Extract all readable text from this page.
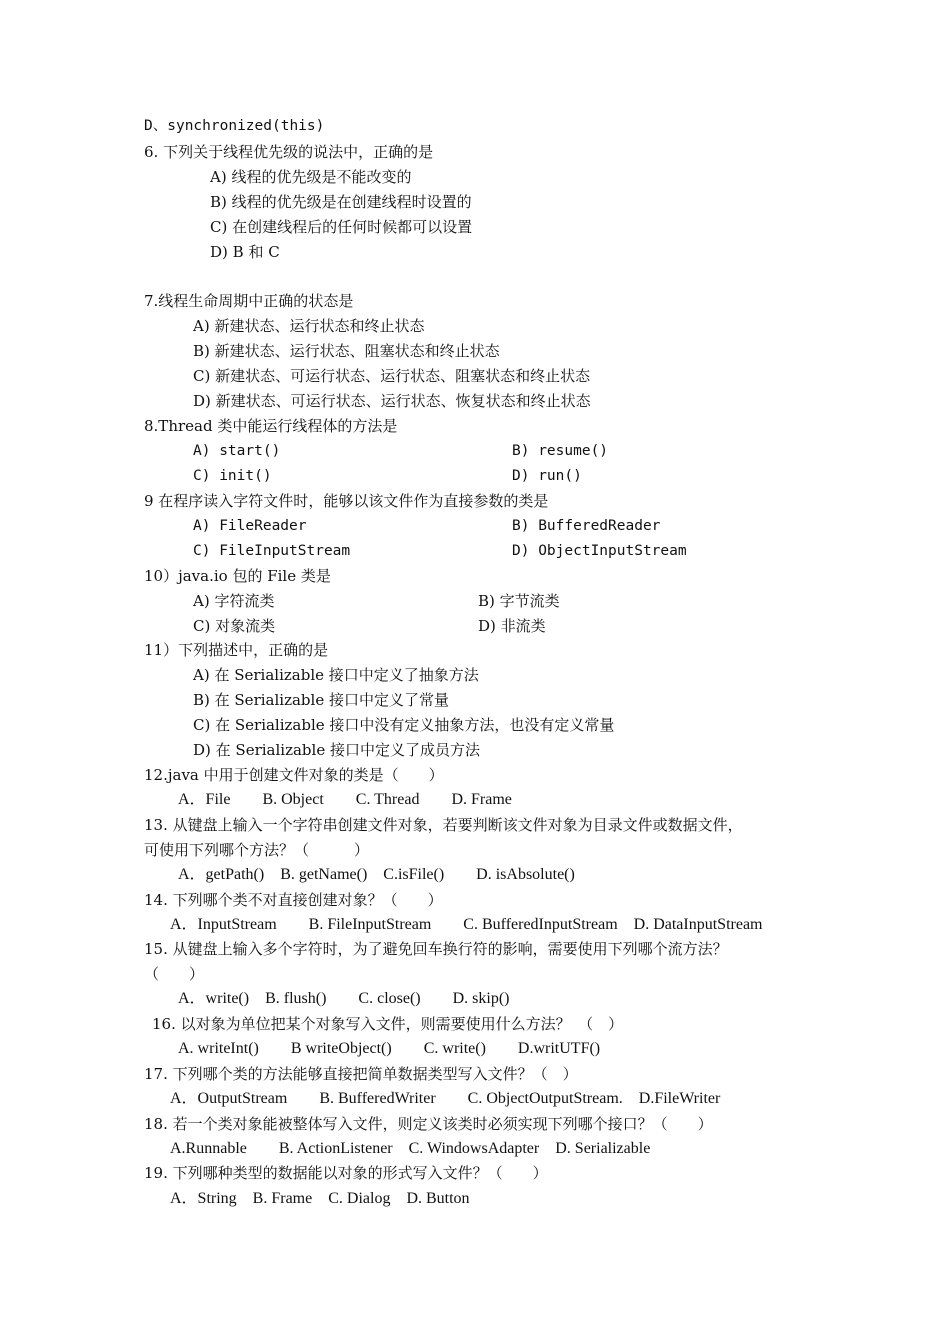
D、synchronized(this)
6. 下列关于线程优先级的说法中，正确的是
A) 线程的优先级是不能改变的
B) 线程的优先级是在创建线程时设置的
C) 在创建线程后的任何时候都可以设置
D) B 和 C
7.线程生命周期中正确的状态是
A) 新建状态、运行状态和终止状态
B) 新建状态、运行状态、阻塞状态和终止状态
C) 新建状态、可运行状态、运行状态、阻塞状态和终止状态
D) 新建状态、可运行状态、运行状态、恢复状态和终止状态
8.Thread 类中能运行线程体的方法是
A) start()	B) resume()
C) init()	D) run()
9 在程序读入字符文件时，能够以该文件作为直接参数的类是
A) FileReader	B) BufferedReader
C) FileInputStream	D) ObjectInputStream
10）java.io 包的 File 类是
A) 字符流类	B) 字节流类
C) 对象流类	D) 非流类
11）下列描述中，正确的是
A) 在 Serializable 接口中定义了抽象方法
B) 在 Serializable 接口中定义了常量
C) 在 Serializable 接口中没有定义抽象方法，也没有定义常量
D) 在 Serializable 接口中定义了成员方法
12.java 中用于创建文件对象的类是（　　）
A．File　　B. Object　　C. Thread　　D. Frame
13. 从键盘上输入一个字符串创建文件对象，若要判断该文件对象为目录文件或数据文件，
可使用下列哪个方法？（　　　）
A．getPath()　B. getName()　C.isFile()　　D. isAbsolute()
14. 下列哪个类不对直接创建对象？（　　）
A．InputStream　　B. FileInputStream　　C. BufferedInputStream　D. DataInputStream
15. 从键盘上输入多个字符时，为了避免回车换行符的影响，需要使用下列哪个流方法？
（　　）
A．write()　B. flush()　　C. close()　　D. skip()
16. 以对象为单位把某个对象写入文件，则需要使用什么方法？　（　）
A. writeInt()　　B writeObject()　　C. write()　　D.writUTF()
17. 下列哪个类的方法能够直接把简单数据类型写入文件？（　）
A．OutputStream　　B. BufferedWriter　　C. ObjectOutputStream.　D.FileWriter
18. 若一个类对象能被整体写入文件，则定义该类时必须实现下列哪个接口？（　　）
A.Runnable　　B. ActionListener　C. WindowsAdapter　D. Serializable
19. 下列哪种类型的数据能以对象的形式写入文件？（　　）
A．String　B. Frame　C. Dialog　D. Button
